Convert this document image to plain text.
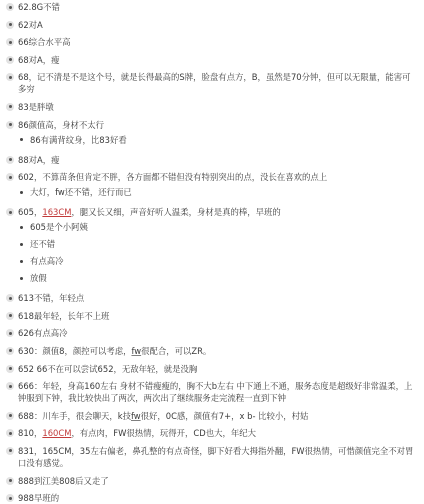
62.8G不错
62对A
66综合水平高
68对A，瘦
68，记不清是不是这个号，就是长得最高的S牌，脸盘有点方，B，虽然是70分钟，但可以无限量，能害可多穷
83是胖墩
86颜值高，身材不太行
86有满背纹身，比83好看
88对A，瘦
602，不算苗条但肯定不胖，各方面都不错但没有特别突出的点，没长在喜欢的点上
大灯，fw还不错，还行而已
605，163CM，腿又长又细，声音好听人温柔，身材是真的棒，早班的
605是个小阿姨
还不错
有点高冷
放假
613不错，年轻点
618最年轻，长年不上班
626有点高冷
630：颜值8，颜控可以考虑，fw很配合，可以ZR。
652 66不在可以尝试652，无敌年轻，就是没胸
666：年轻，身高160左右 身材不错瘦瘦的，胸不大b左右 中下通上不通，服务态度是超级好非常温柔，上钟服到下钟，我比较快出了两次，两次出了继续服务走完流程一直到下钟
688：川车手，很会聊天，k技fw很好，0C感，颜值有7+，x b- 比较小，村姑
810，160CM，有点肉，FW很热情，玩得开，CD也大，年纪大
831，165CM，35左右偏老，鼻孔整的有点奇怪，脚下好看大拇指外翻，FW很热情，可惜颜值完全不对胃口没有感觉。
888到江美808后又走了
988早班的
